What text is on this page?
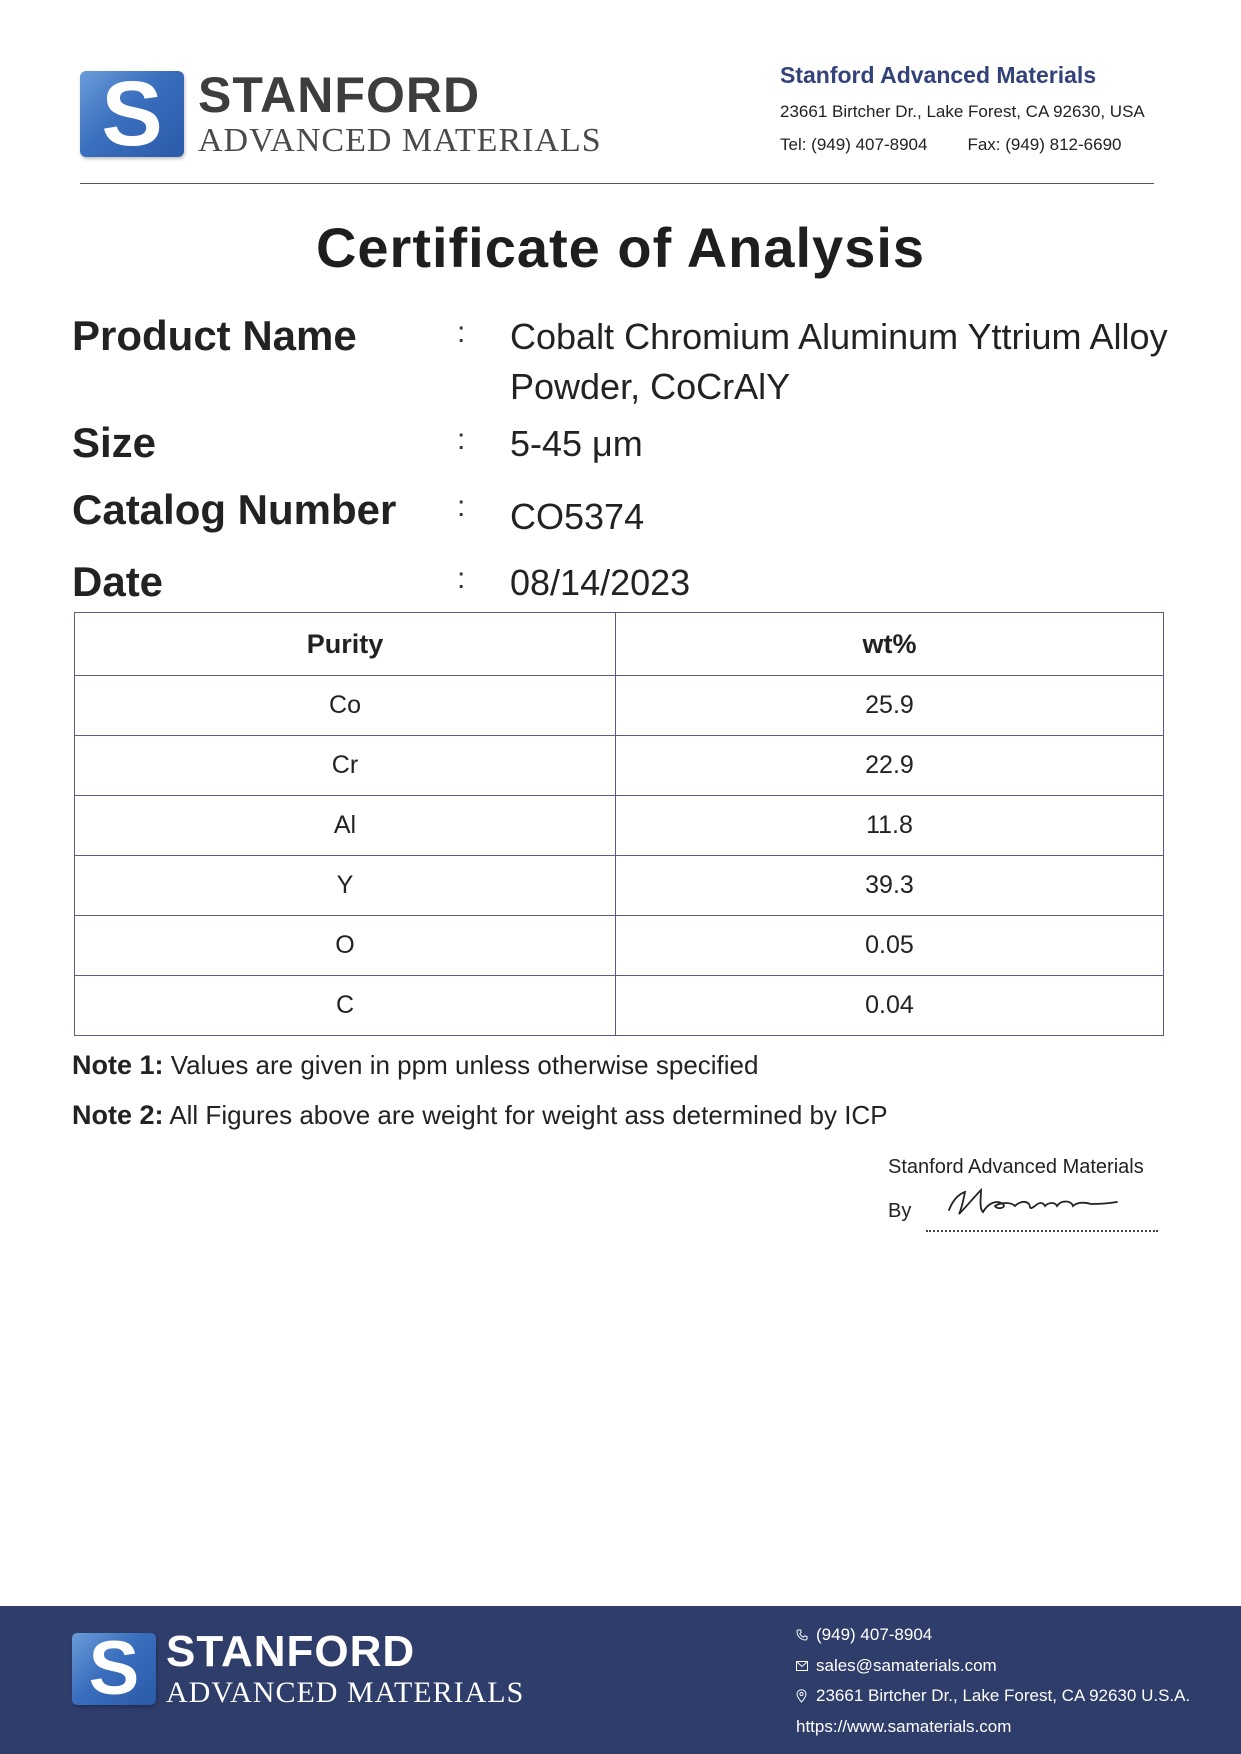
S STANFORD
ADVANCED MATERIALS
Stanford Advanced Materials
23661 Birtcher Dr., Lake Forest, CA 92630, USA
Tel: (949) 407-8904 Fax: (949) 812-6690
Certificate of Analysis
Product Name	: Cobalt Chromium Aluminum Yttrium Alloy
Powder, CoCrAlY
Size	: 5-45 μm
Catalog Number : CO5374
Date	: 08/14/2023
Purity	wt%
Co	25.9
Cr	22.9
Al	11.8
Y	39.3
O	0.05
C	0.04
Note 1: Values are given in ppm unless otherwise specified
Note 2: All Figures above are weight for weight ass determined by ICP
Stanford Advanced Materials
By
S STANFORD
ADVANCED MATERIALS
(949) 407-8904
sales@samaterials.com
23661 Birtcher Dr., Lake Forest, CA 92630 U.S.A.
https://www.samaterials.com
